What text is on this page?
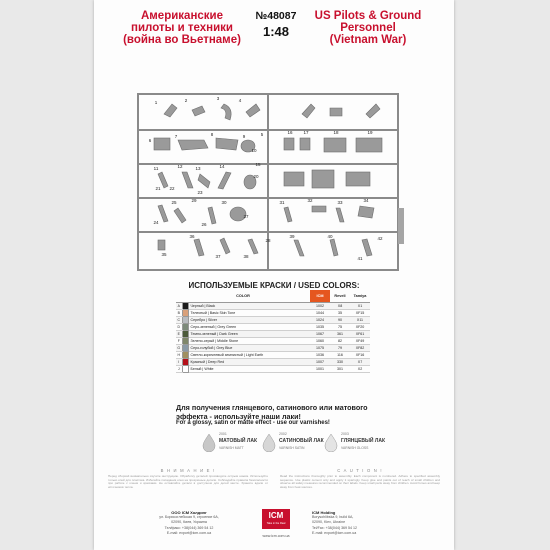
Американские
пилоты и техники
(война во Вьетнаме)
№48087
1:48
US Pilots & Ground
Personnel
(Vietnam War)
1	2	3	4
5
6
7	8	9
10
11	12	13	14	15
16 17	18	19
20
21 22
23
24
25
26
27
28
29	30	31	32	33	34
35
36
37	38
39	40
41
42
ИСПОЛЬЗУЕМЫЕ КРАСКИ / USED COLORS:
COLOR			ICM	Revell	Tamiya
A		Черный | Black	1002	X8	X1
B		Телесный | Basic Skin Tone	1044	35	XF15
C		Серебро | Silver	1024	90	X11
D		Серо-зеленый | Grey Green	1035	75	XF20
E		Темно-зеленый | Dark Green	1067	361	XF61
F		Зелено-серый | Middle Stone	1060	82	XF49
G		Серо-голубой | Grey Blue	1075	79	XF82
H		Светло-коричневый землистый | Light Earth	1036	116	XF16
I		Красный | Deep Red	1007	330	X7
J		Белый | White	1001	301	X2
Для получения глянцевого, сатинового или матового
эффекта - используйте наши лаки!
For a glossy, satin or matte effect - use our varnishes!
2001
МАТОВЫЙ ЛАК
VARNISH MATT
2002
САТИНОВЫЙ ЛАК
VARNISH SATIN
2003
ГЛЯНЦЕВЫЙ ЛАК
VARNISH GLOSS
В Н И М А Н И Е !
Перед сборкой внимательно изучите инструкцию. Обработку деталей производите острым ножом. Используйте только клей для пластика. Избегайте попадания клея на прозрачные детали. Соблюдайте правила безопасности при работе с клеем и красками. Не оставляйте детали в доступном для детей месте. Храните вдали от источников тепла.
C A U T I O N !
Read the instructions thoroughly prior to assembly. Each component is numbered. Adhere to specified assembly sequence. Use plastic cement only and apply it sparingly. Keep glue and paints out of reach of small children and observe all safety measures recommended on their labels. Keep small parts away from children. Avoid fumes and keep away from heat sources.
ООО ICM Холдинг
ул. Борисоглебская 9, строение 6А,
02090, Киев, Украина
Тел/факс: +38(044) 369 54 12
E-mail: export@icm.com.ua
ICM
Take in the Real
www.icm.com.ua
ICM Holding
Borysohlibska 9, build 6A,
02090, Kiev, Ukraine
Tel/Fax: +38(044) 369 54 12
E-mail: export@icm.com.ua
